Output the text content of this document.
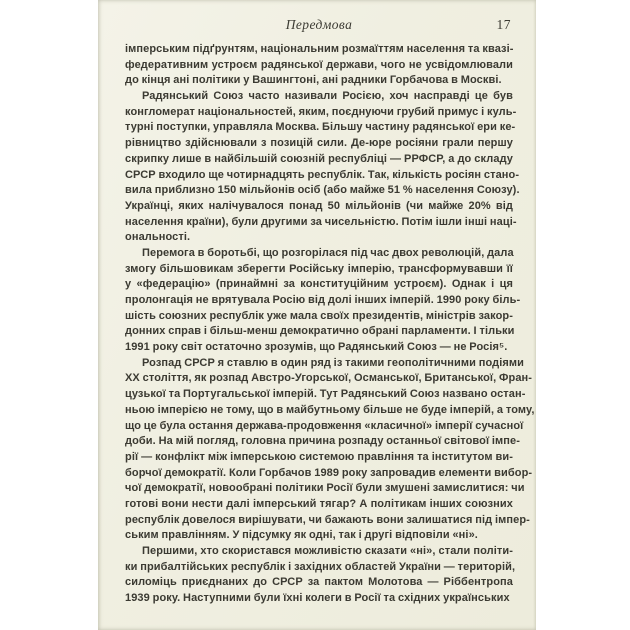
Передмова	17
імперським підґрунтям, національним розмаїттям населення та квазі-
федеративним устроєм радянської держави, чого не усвідомлювали
до кінця ані політики у Вашингтоні, ані радники Горбачова в Москві.
Радянський Союз часто називали Росією, хоч насправді це був
конгломерат національностей, яким, поєднуючи грубий примус і куль-
турні поступки, управляла Москва. Більшу частину радянської ери ке-
рівництво здійснювали з позицій сили. Де-юре росіяни грали першу
скрипку лише в найбільшій союзній республіці — РРФСР, а до складу
СРСР входило ще чотирнадцять республік. Так, кількість росіян стано-
вила приблизно 150 мільйонів осіб (або майже 51 % населення Союзу).
Українці, яких налічувалося понад 50 мільйонів (чи майже 20% від
населення країни), були другими за чисельністю. Потім ішли інші наці-
ональності.
Перемога в боротьбі, що розгорілася під час двох революцій, дала
змогу більшовикам зберегти Російську імперію, трансформувавши її
у «федерацію» (принаймні за конституційним устроєм). Однак і ця
пролонгація не врятувала Росію від долі інших імперій. 1990 року біль-
шість союзних республік уже мала своїх президентів, міністрів закор-
донних справ і більш-менш демократично обрані парламенти. І тільки
1991 року світ остаточно зрозумів, що Радянський Союз — не Росія⁵.
Розпад СРСР я ставлю в один ряд із такими геополітичними подіями
ХХ століття, як розпад Австро-Угорської, Османської, Британської, Фран-
цузької та Португальської імперій. Тут Радянський Союз названо остан-
ньою імперією не тому, що в майбутньому більше не буде імперій, а тому,
що це була остання держава-продовження «класичної» імперії сучасної
доби. На мій погляд, головна причина розпаду останньої світової імпе-
рії — конфлікт між імперською системою правління та інститутом ви-
борчої демократії. Коли Горбачов 1989 року запровадив елементи вибор-
чої демократії, новообрані політики Росії були змушені замислитися: чи
готові вони нести далі імперський тягар? А політикам інших союзних
республік довелося вирішувати, чи бажають вони залишатися під імпер-
ським правлінням. У підсумку як одні, так і другі відповіли «ні».
Першими, хто скористався можливістю сказати «ні», стали політи-
ки прибалтійських республік і західних областей України — територій,
силоміць приєднаних до СРСР за пактом Молотова — Ріббентропа
1939 року. Наступними були їхні колеги в Росії та східних українських
